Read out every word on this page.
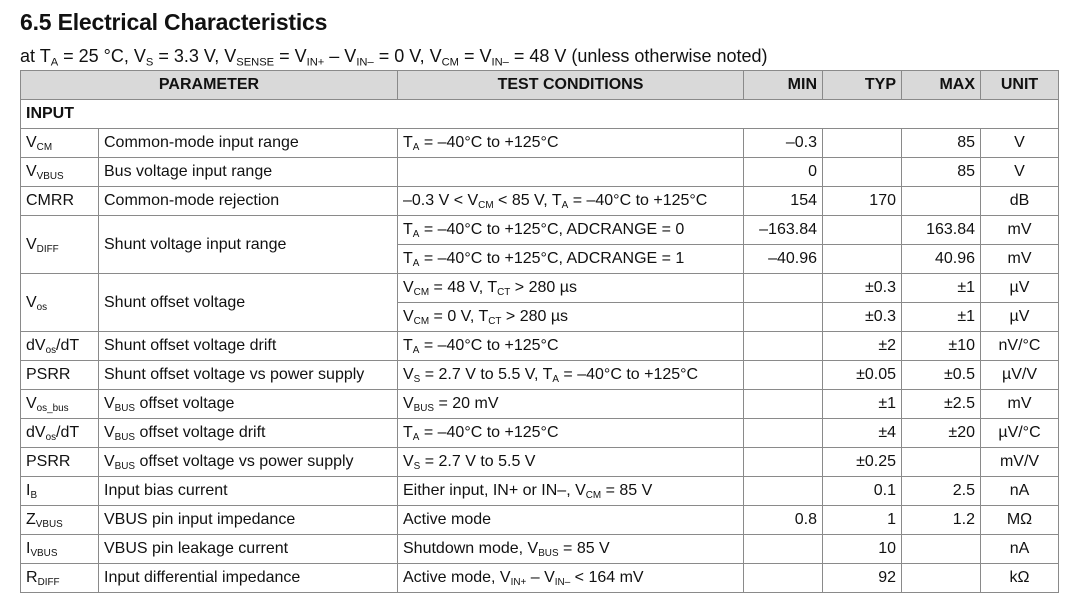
6.5 Electrical Characteristics
at $T_A = 25$ °C, $V_S = 3.3$ V, $V_{SENSE} = V_{IN+} - V_{IN-} = 0$ V, $V_{CM} = V_{IN-} = 48$ V (unless otherwise noted)
PARAMETER		TEST CONDITIONS	MIN	TYP	MAX	UNIT
INPUT						
$V_{CM}$	Common-mode input range	$T_A = -40^\circ C$ to +125°C	–0.3		85	V
$V_{VBUS}$	Bus voltage input range		0		85	V
CMRR	Common-mode rejection	–0.3 $V < V_{CM} < 85$ V, $T_A = -40^\circ C$ to +125°C	154	170		dB
$V_{DIFF}$	Shunt voltage input range	$T_A = -40^\circ C$ to +125°C, ADCRANGE = 0	–163.84		163.84	mV
		$T_A = -40^\circ C$ to +125°C, ADCRANGE = 1	–40.96		40.96	mV
$V_{os}$	Shunt offset voltage	$V_{CM} = 48$ V, $T_{CT} > 280$ µs		±0.3	±1	µV
		$V_{CM} = 0$ V, $T_{CT} > 280$ µs		±0.3	±1	µV
$dV_{os}/dT$	Shunt offset voltage drift	$T_A = -40^\circ C$ to +125°C		±2	±10	nV/°C
PSRR	Shunt offset voltage vs power supply	$V_S = 2.7$ V to 5.5 V, $T_A = -40^\circ C$ to +125°C		±0.05	±0.5	µV/V
$V_{os\_bus}$	$V_{BUS}$ offset voltage	$V_{BUS} = 20$ mV		±1	±2.5	mV
$dV_{os}/dT$	$V_{BUS}$ offset voltage drift	$T_A = -40^\circ C$ to +125°C		±4	±20	µV/°C
PSRR	$V_{BUS}$ offset voltage vs power supply	$V_S = 2.7$ V to 5.5 V		±0.25		mV/V
$I_B$	Input bias current	Either input, IN+ or IN–, $V_{CM} = 85$ V		0.1	2.5	nA
$Z_{VBUS}$	VBUS pin input impedance	Active mode	0.8	1	1.2	MΩ
$I_{VBUS}$	VBUS pin leakage current	Shutdown mode, $V_{BUS} = 85$ V		10		nA
$R_{DIFF}$	Input differential impedance	Active mode, $V_{IN+} - V_{IN-} < 164$ mV		92		kΩ
